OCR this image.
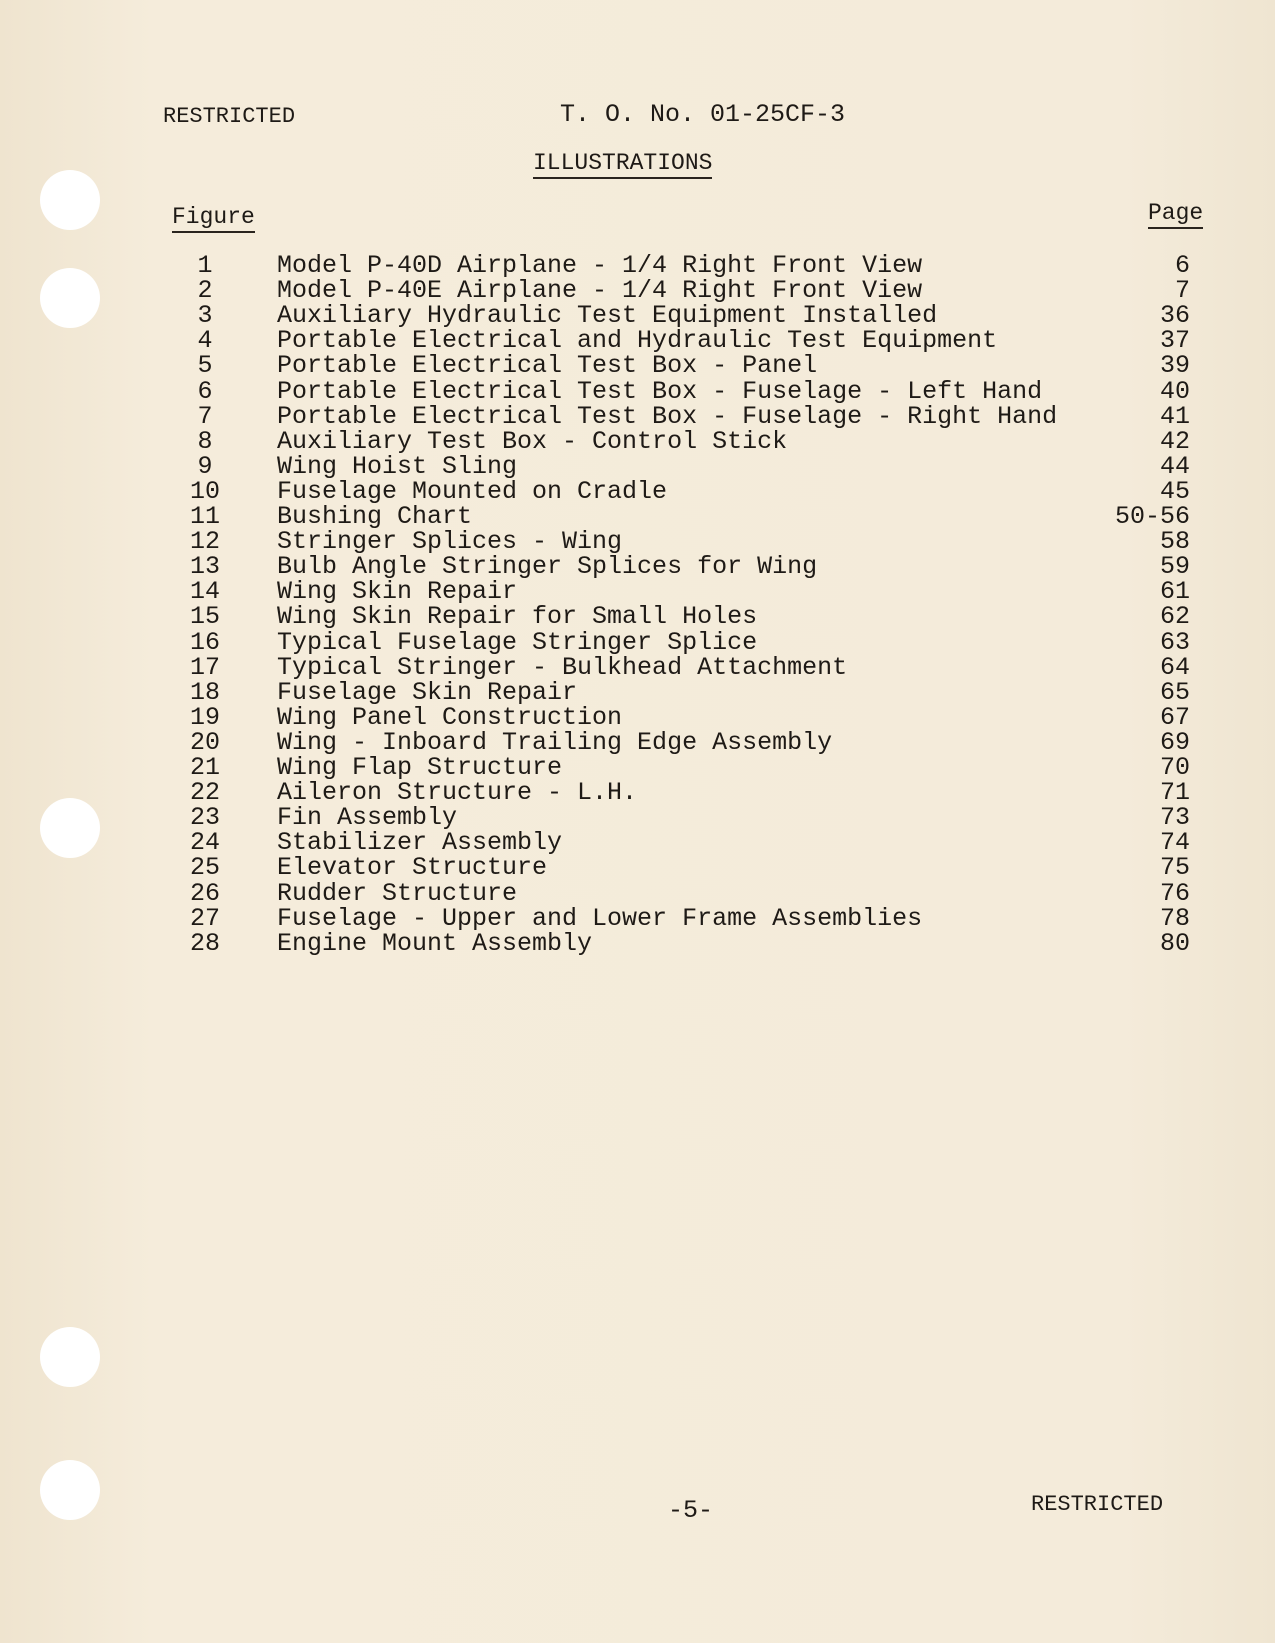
RESTRICTED	T. O. No. 01-25CF-3
ILLUSTRATIONS
Figure	Page
1	Model P-40D Airplane - 1/4 Right Front View	6
2	Model P-40E Airplane - 1/4 Right Front View	7
3	Auxiliary Hydraulic Test Equipment Installed	36
4	Portable Electrical and Hydraulic Test Equipment	37
5	Portable Electrical Test Box - Panel	39
6	Portable Electrical Test Box - Fuselage - Left Hand	40
7	Portable Electrical Test Box - Fuselage - Right Hand	41
8	Auxiliary Test Box - Control Stick	42
9	Wing Hoist Sling	44
10	Fuselage Mounted on Cradle	45
11	Bushing Chart	50-56
12	Stringer Splices - Wing	58
13	Bulb Angle Stringer Splices for Wing	59
14	Wing Skin Repair	61
15	Wing Skin Repair for Small Holes	62
16	Typical Fuselage Stringer Splice	63
17	Typical Stringer - Bulkhead Attachment	64
18	Fuselage Skin Repair	65
19	Wing Panel Construction	67
20	Wing - Inboard Trailing Edge Assembly	69
21	Wing Flap Structure	70
22	Aileron Structure - L.H.	71
23	Fin Assembly	73
24	Stabilizer Assembly	74
25	Elevator Structure	75
26	Rudder Structure	76
27	Fuselage - Upper and Lower Frame Assemblies	78
28	Engine Mount Assembly	80
-5-	RESTRICTED
